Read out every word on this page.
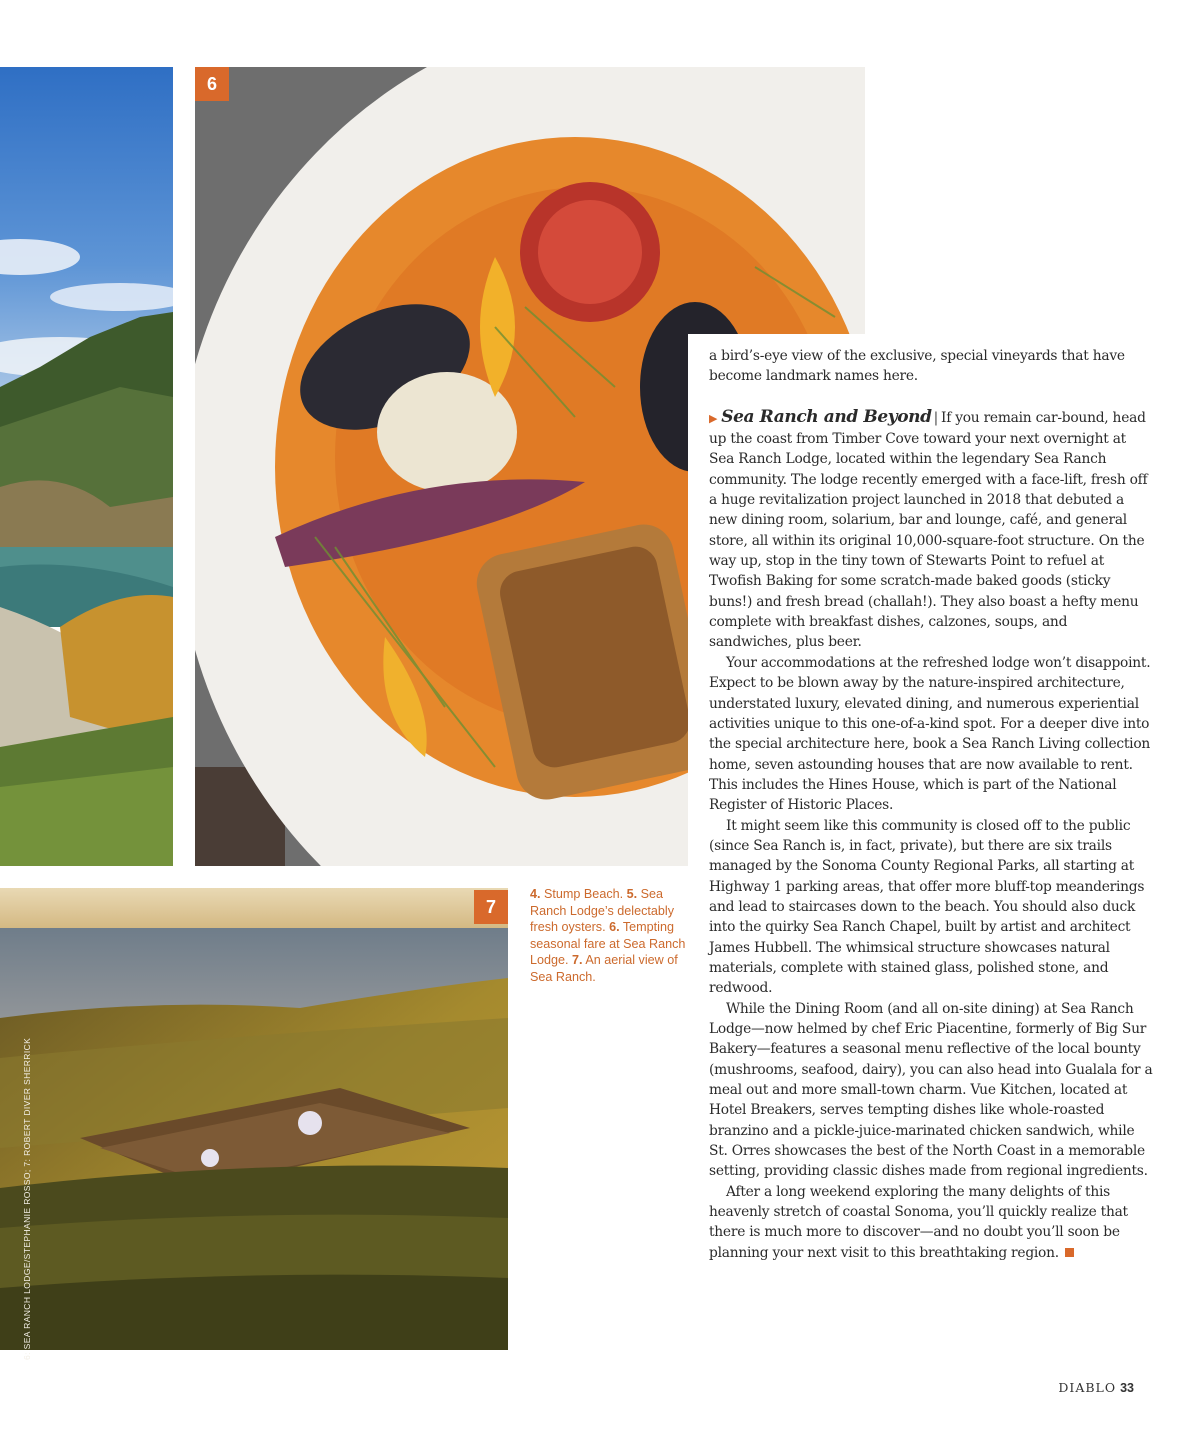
6
7
6: SEA RANCH LODGE/STEPHANIE ROSSO; 7: ROBERT DIVER SHERRICK
4. Stump Beach. 5. Sea Ranch Lodge’s delectably fresh oysters. 6. Tempting seasonal fare at Sea Ranch Lodge. 7. An aerial view of Sea Ranch.

a bird’s-eye view of the exclusive, special vineyards that have become landmark names here.

▶ Sea Ranch and Beyond | If you remain car-bound, head up the coast from Timber Cove toward your next overnight at Sea Ranch Lodge, located within the legendary Sea Ranch community. The lodge recently emerged with a face-lift, fresh off a huge revitalization project launched in 2018 that debuted a new dining room, solarium, bar and lounge, café, and general store, all within its original 10,000-square-foot structure. On the way up, stop in the tiny town of Stewarts Point to refuel at Twofish Baking for some scratch-made baked goods (sticky buns!) and fresh bread (challah!). They also boast a hefty menu complete with breakfast dishes, calzones, soups, and sandwiches, plus beer.

Your accommodations at the refreshed lodge won’t disappoint. Expect to be blown away by the nature-inspired architecture, understated luxury, elevated dining, and numerous experiential activities unique to this one-of-a-kind spot. For a deeper dive into the special architecture here, book a Sea Ranch Living collection home, seven astounding houses that are now available to rent. This includes the Hines House, which is part of the National Register of Historic Places.

It might seem like this community is closed off to the public (since Sea Ranch is, in fact, private), but there are six trails managed by the Sonoma County Regional Parks, all starting at Highway 1 parking areas, that offer more bluff-top meanderings and lead to staircases down to the beach. You should also duck into the quirky Sea Ranch Chapel, built by artist and architect James Hubbell. The whimsical structure showcases natural materials, complete with stained glass, polished stone, and redwood.

While the Dining Room (and all on-site dining) at Sea Ranch Lodge—now helmed by chef Eric Piacentine, formerly of Big Sur Bakery—features a seasonal menu reflective of the local bounty (mushrooms, seafood, dairy), you can also head into Gualala for a meal out and more small-town charm. Vue Kitchen, located at Hotel Breakers, serves tempting dishes like whole-roasted branzino and a pickle-juice-marinated chicken sandwich, while St. Orres showcases the best of the North Coast in a memorable setting, providing classic dishes made from regional ingredients.

After a long weekend exploring the many delights of this heavenly stretch of coastal Sonoma, you’ll quickly realize that there is much more to discover—and no doubt you’ll soon be planning your next visit to this breathtaking region.

DIABLO 33
